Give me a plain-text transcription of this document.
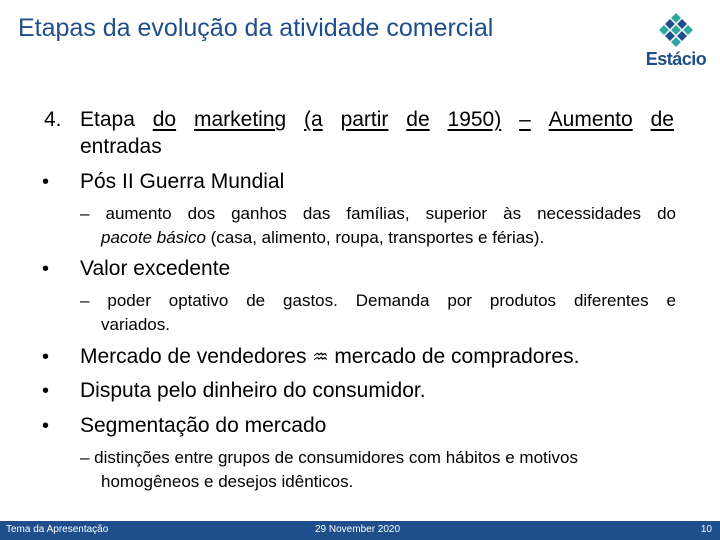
Etapas da evolução da atividade comercial
Estácio
4. Etapa do marketing (a partir de 1950) – Aumento de
entradas
• Pós II Guerra Mundial
– aumento dos ganhos das famílias, superior às necessidades do
pacote básico (casa, alimento, roupa, transportes e férias).
• Valor excedente
– poder optativo de gastos. Demanda por produtos diferentes e
variados.
• Mercado de vendedores ♒ mercado de compradores.
• Disputa pelo dinheiro do consumidor.
• Segmentação do mercado
– distinções entre grupos de consumidores com hábitos e motivos
homogêneos e desejos idênticos.
Tema da Apresentação	29 November 2020	10
